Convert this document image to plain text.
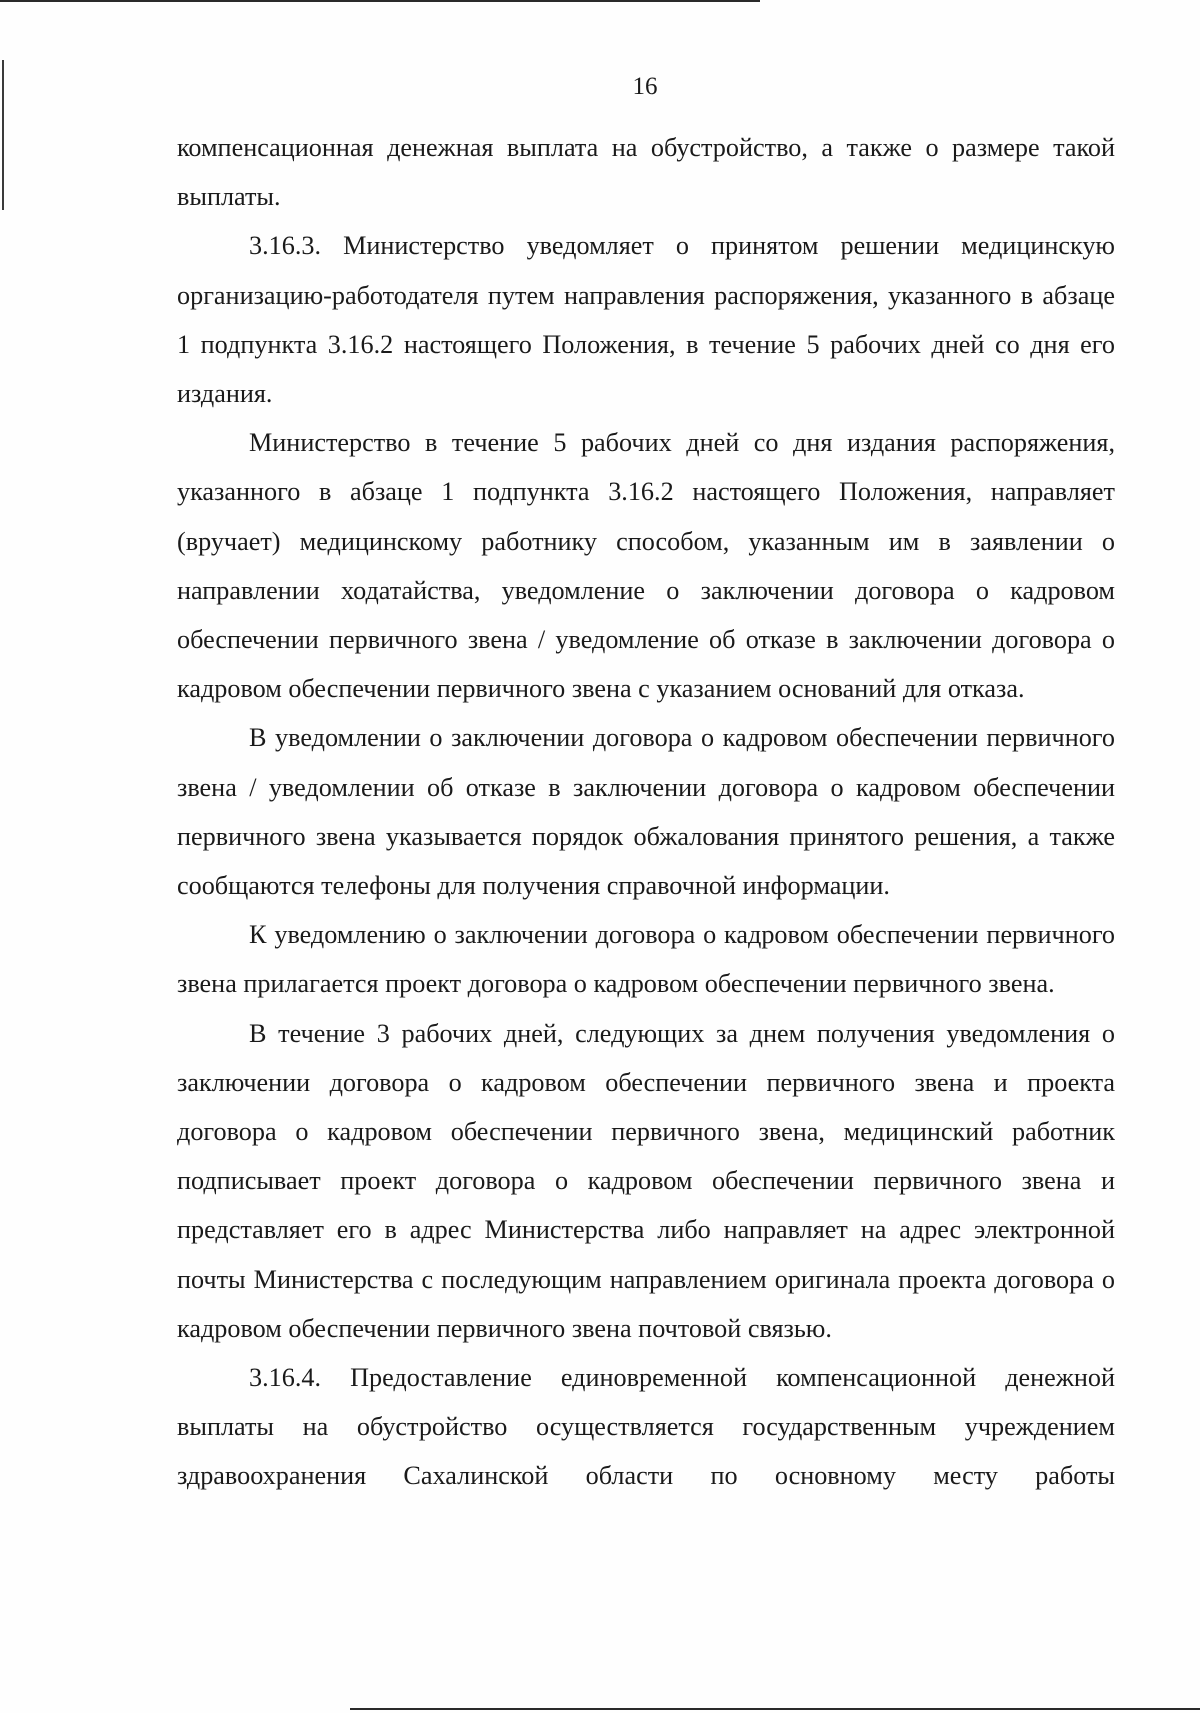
16

компенсационная денежная выплата на обустройство, а также о размере такой выплаты.

3.16.3. Министерство уведомляет о принятом решении медицинскую организацию-работодателя путем направления распоряжения, указанного в абзаце 1 подпункта 3.16.2 настоящего Положения, в течение 5 рабочих дней со дня его издания.

Министерство в течение 5 рабочих дней со дня издания распоряжения, указанного в абзаце 1 подпункта 3.16.2 настоящего Положения, направляет (вручает) медицинскому работнику способом, указанным им в заявлении о направлении ходатайства, уведомление о заключении договора о кадровом обеспечении первичного звена / уведомление об отказе в заключении договора о кадровом обеспечении первичного звена с указанием оснований для отказа.

В уведомлении о заключении договора о кадровом обеспечении первичного звена / уведомлении об отказе в заключении договора о кадровом обеспечении первичного звена указывается порядок обжалования принятого решения, а также сообщаются телефоны для получения справочной информации.

К уведомлению о заключении договора о кадровом обеспечении первичного звена прилагается проект договора о кадровом обеспечении первичного звена.

В течение 3 рабочих дней, следующих за днем получения уведомления о заключении договора о кадровом обеспечении первичного звена и проекта договора о кадровом обеспечении первичного звена, медицинский работник подписывает проект договора о кадровом обеспечении первичного звена и представляет его в адрес Министерства либо направляет на адрес электронной почты Министерства с последующим направлением оригинала проекта договора о кадровом обеспечении первичного звена почтовой связью.

3.16.4. Предоставление единовременной компенсационной денежной выплаты на обустройство осуществляется государственным учреждением здравоохранения Сахалинской области по основному месту работы
